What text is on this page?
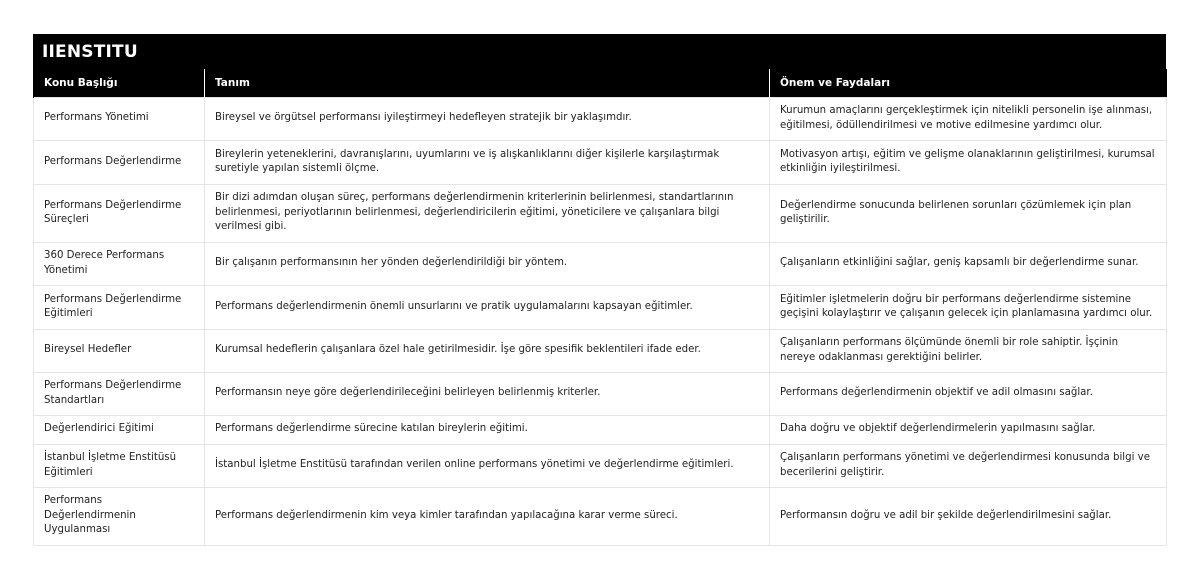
IIENSTITU
Konu Başlığı	Tanım	Önem ve Faydaları
Performans Yönetimi	Bireysel ve örgütsel performansı iyileştirmeyi hedefleyen stratejik bir yaklaşımdır.	Kurumun amaçlarını gerçekleştirmek için nitelikli personelin işe alınması, eğitilmesi, ödüllendirilmesi ve motive edilmesine yardımcı olur.
Performans Değerlendirme	Bireylerin yeteneklerini, davranışlarını, uyumlarını ve iş alışkanlıklarını diğer kişilerle karşılaştırmak suretiyle yapılan sistemli ölçme.	Motivasyon artışı, eğitim ve gelişme olanaklarının geliştirilmesi, kurumsal etkinliğin iyileştirilmesi.
Performans Değerlendirme Süreçleri	Bir dizi adımdan oluşan süreç, performans değerlendirmenin kriterlerinin belirlenmesi, standartlarının belirlenmesi, periyotlarının belirlenmesi, değerlendiricilerin eğitimi, yöneticilere ve çalışanlara bilgi verilmesi gibi.	Değerlendirme sonucunda belirlenen sorunları çözümlemek için plan geliştirilir.
360 Derece Performans Yönetimi	Bir çalışanın performansının her yönden değerlendirildiği bir yöntem.	Çalışanların etkinliğini sağlar, geniş kapsamlı bir değerlendirme sunar.
Performans Değerlendirme Eğitimleri	Performans değerlendirmenin önemli unsurlarını ve pratik uygulamalarını kapsayan eğitimler.	Eğitimler işletmelerin doğru bir performans değerlendirme sistemine geçişini kolaylaştırır ve çalışanın gelecek için planlamasına yardımcı olur.
Bireysel Hedefler	Kurumsal hedeflerin çalışanlara özel hale getirilmesidir. İşe göre spesifik beklentileri ifade eder.	Çalışanların performans ölçümünde önemli bir role sahiptir. İşçinin nereye odaklanması gerektiğini belirler.
Performans Değerlendirme Standartları	Performansın neye göre değerlendirileceğini belirleyen belirlenmiş kriterler.	Performans değerlendirmenin objektif ve adil olmasını sağlar.
Değerlendirici Eğitimi	Performans değerlendirme sürecine katılan bireylerin eğitimi.	Daha doğru ve objektif değerlendirmelerin yapılmasını sağlar.
İstanbul İşletme Enstitüsü Eğitimleri	İstanbul İşletme Enstitüsü tarafından verilen online performans yönetimi ve değerlendirme eğitimleri.	Çalışanların performans yönetimi ve değerlendirmesi konusunda bilgi ve becerilerini geliştirir.
Performans Değerlendirmenin Uygulanması	Performans değerlendirmenin kim veya kimler tarafından yapılacağına karar verme süreci.	Performansın doğru ve adil bir şekilde değerlendirilmesini sağlar.
